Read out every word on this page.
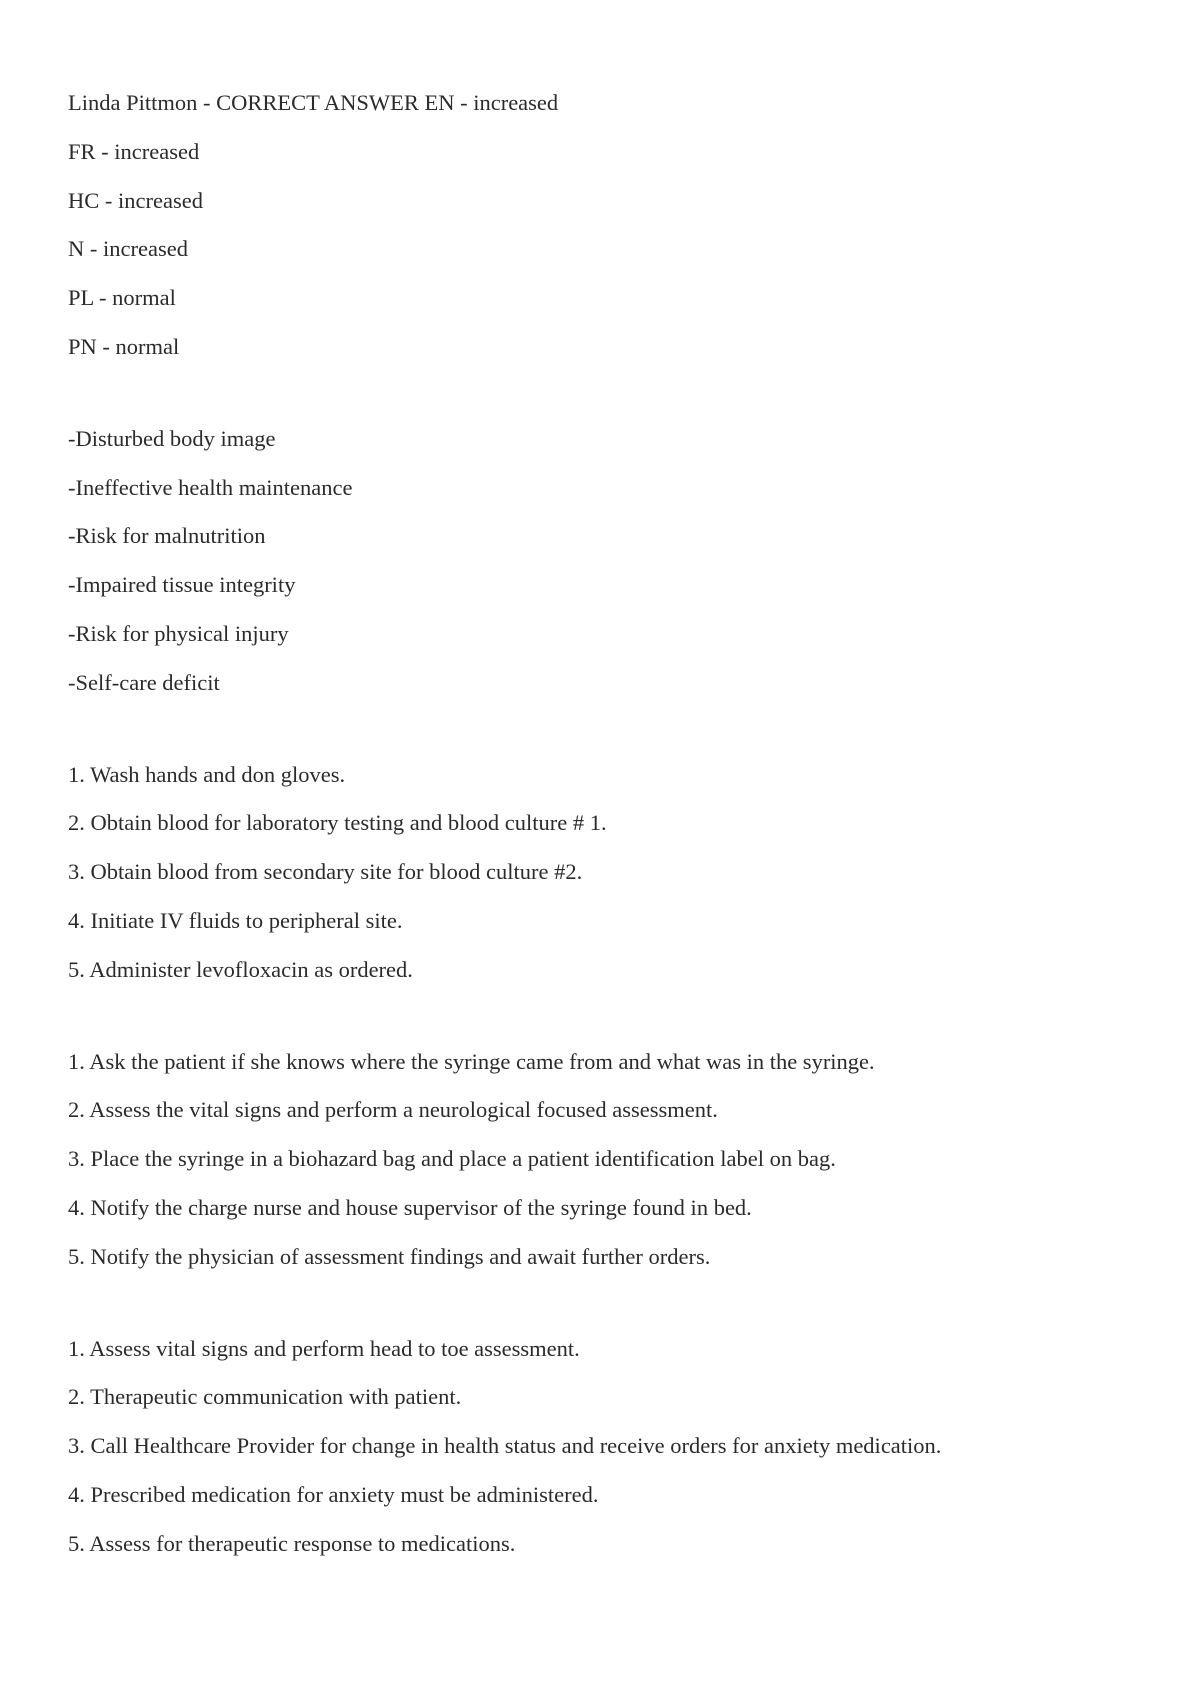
Linda Pittmon - CORRECT ANSWER EN - increased
FR - increased
HC - increased
N - increased
PL - normal
PN - normal
-Disturbed body image
-Ineffective health maintenance
-Risk for malnutrition
-Impaired tissue integrity
-Risk for physical injury
-Self-care deficit
1. Wash hands and don gloves.
2. Obtain blood for laboratory testing and blood culture # 1.
3. Obtain blood from secondary site for blood culture #2.
4. Initiate IV fluids to peripheral site.
5. Administer levofloxacin as ordered.
1. Ask the patient if she knows where the syringe came from and what was in the syringe.
2. Assess the vital signs and perform a neurological focused assessment.
3. Place the syringe in a biohazard bag and place a patient identification label on bag.
4. Notify the charge nurse and house supervisor of the syringe found in bed.
5. Notify the physician of assessment findings and await further orders.
1. Assess vital signs and perform head to toe assessment.
2. Therapeutic communication with patient.
3. Call Healthcare Provider for change in health status and receive orders for anxiety medication.
4. Prescribed medication for anxiety must be administered.
5. Assess for therapeutic response to medications.
